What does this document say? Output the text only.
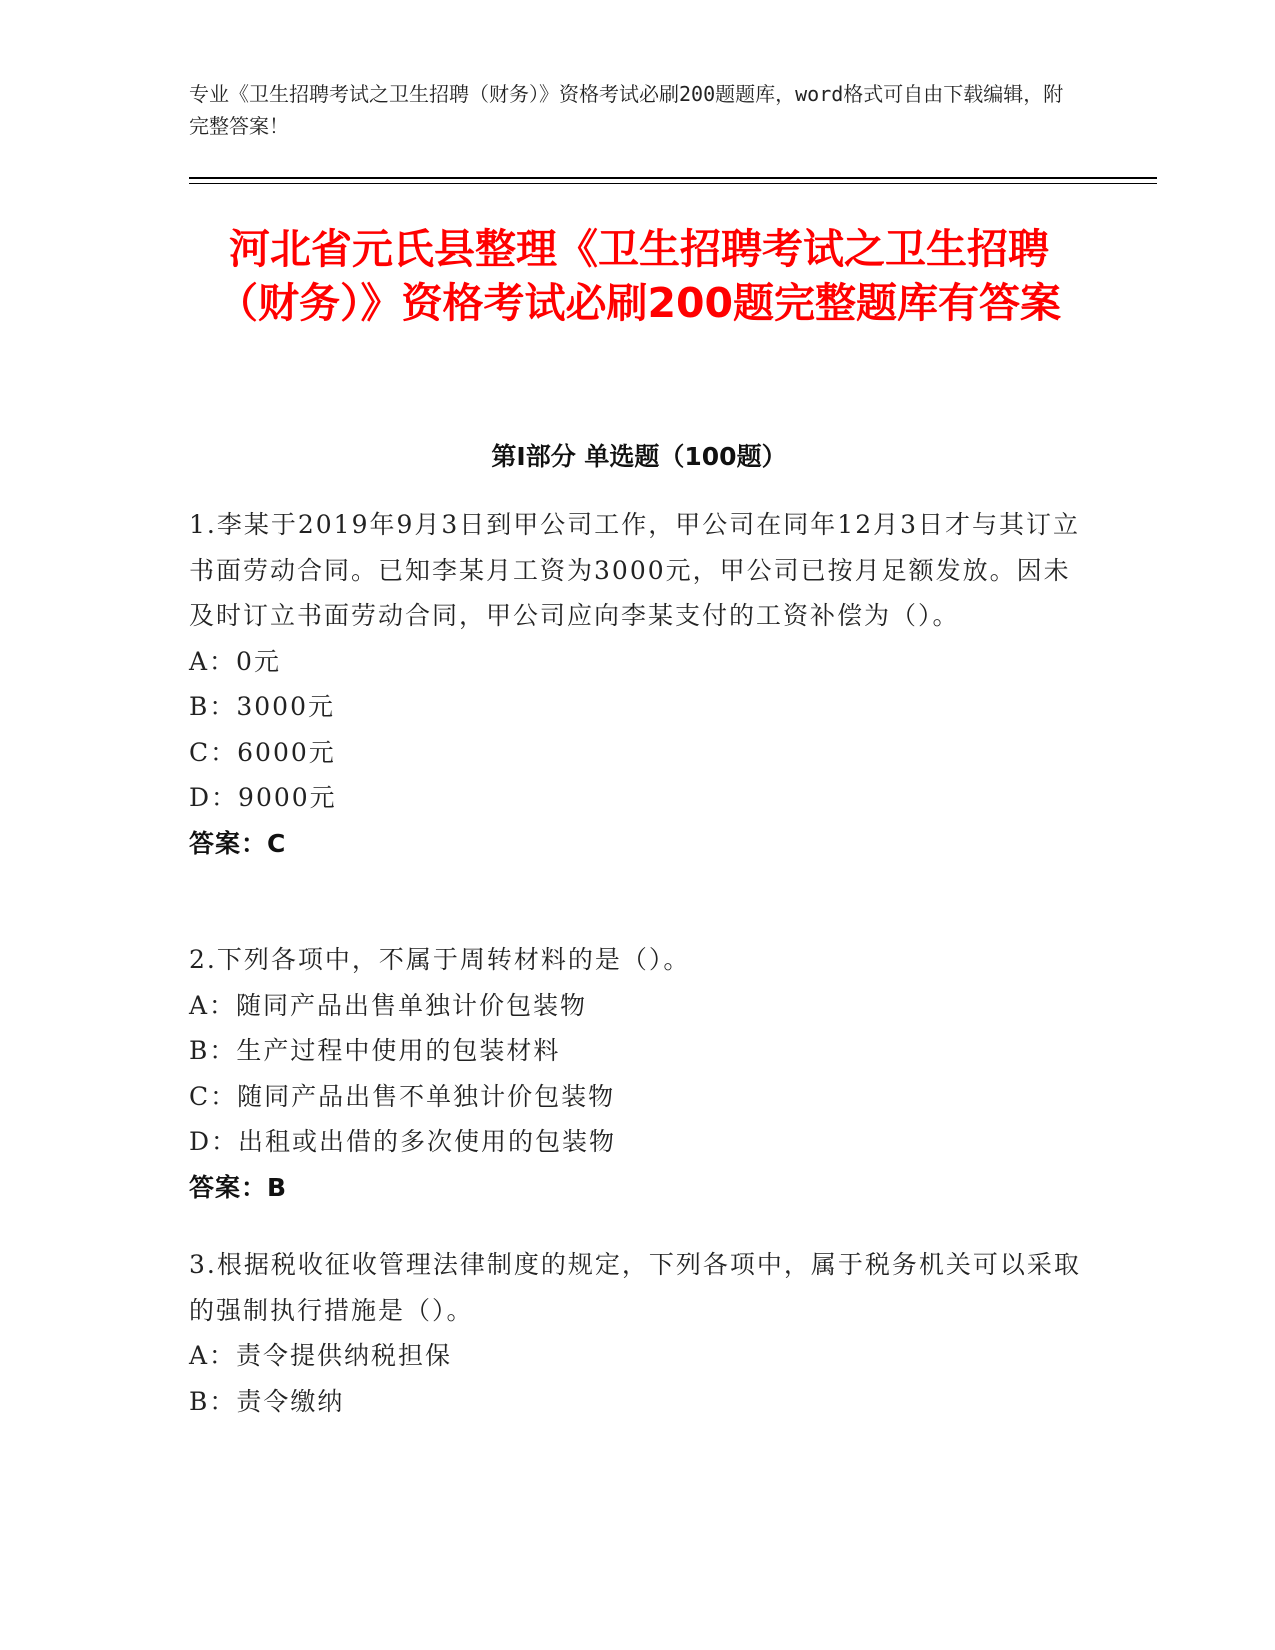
专业《卫生招聘考试之卫生招聘（财务）》资格考试必刷200题题库，word格式可自由下载编辑，附完整答案！
河北省元氏县整理《卫生招聘考试之卫生招聘（财务）》资格考试必刷200题完整题库有答案
第Ⅰ部分 单选题（100题）

1.李某于2019年9月3日到甲公司工作，甲公司在同年12月3日才与其订立书面劳动合同。已知李某月工资为3000元，甲公司已按月足额发放。因未及时订立书面劳动合同，甲公司应向李某支付的工资补偿为（）。

A：0元

B：3000元

C：6000元

D：9000元

答案：C

2.下列各项中，不属于周转材料的是（）。

A：随同产品出售单独计价包装物

B：生产过程中使用的包装材料

C：随同产品出售不单独计价包装物

D：出租或出借的多次使用的包装物

答案：B

3.根据税收征收管理法律制度的规定，下列各项中，属于税务机关可以采取的强制执行措施是（）。

A：责令提供纳税担保

B：责令缴纳
